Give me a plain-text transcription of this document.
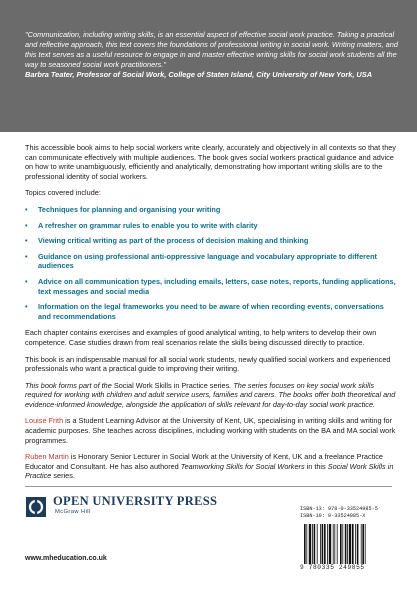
"Communication, including writing skills, is an essential aspect of effective social work practice. Taking a practical and reflective approach, this text covers the foundations of professional writing in social work. Writing matters, and this text serves as a useful resource to engage in and master effective writing skills for social work students all the way to seasoned social work practitioners."
Barbra Teater, Professor of Social Work, College of Staten Island, City University of New York, USA

This accessible book aims to help social workers write clearly, accurately and objectively in all contexts so that they can communicate effectively with multiple audiences. The book gives social workers practical guidance and advice on how to write unambiguously, efficiently and analytically, demonstrating how important writing skills are to the professional identity of social workers.

Topics covered include:

• Techniques for planning and organising your writing
• A refresher on grammar rules to enable you to write with clarity
• Viewing critical writing as part of the process of decision making and thinking
• Guidance on using professional anti-oppressive language and vocabulary appropriate to different audiences
• Advice on all communication types, including emails, letters, case notes, reports, funding applications, text messages and social media
• Information on the legal frameworks you need to be aware of when recording events, conversations and recommendations

Each chapter contains exercises and examples of good analytical writing, to help writers to develop their own competence. Case studies drawn from real scenarios relate the skills being discussed directly to practice.

This book is an indispensable manual for all social work students, newly qualified social workers and experienced professionals who want a practical guide to improving their writing.

This book forms part of the Social Work Skills in Practice series. The series focuses on key social work skills required for working with children and adult service users, families and carers. The books offer both theoretical and evidence-informed knowledge, alongside the application of skills relevant for day-to-day social work practice.

Louise Frith is a Student Learning Advisor at the University of Kent, UK, specialising in writing skills and writing for academic purposes. She teaches across disciplines, including working with students on the BA and MA social work programmes.

Ruben Martin is Honorary Senior Lecturer in Social Work at the University of Kent, UK and a freelance Practice Educator and Consultant. He has also authored Teamworking Skills for Social Workers in this Social Work Skills in Practice series.

OPEN UNIVERSITY PRESS
McGraw Hill
www.mheducation.co.uk
ISBN-13: 978-0-33524985-5
ISBN-10: 0-33524985-X
9 780335 249855
